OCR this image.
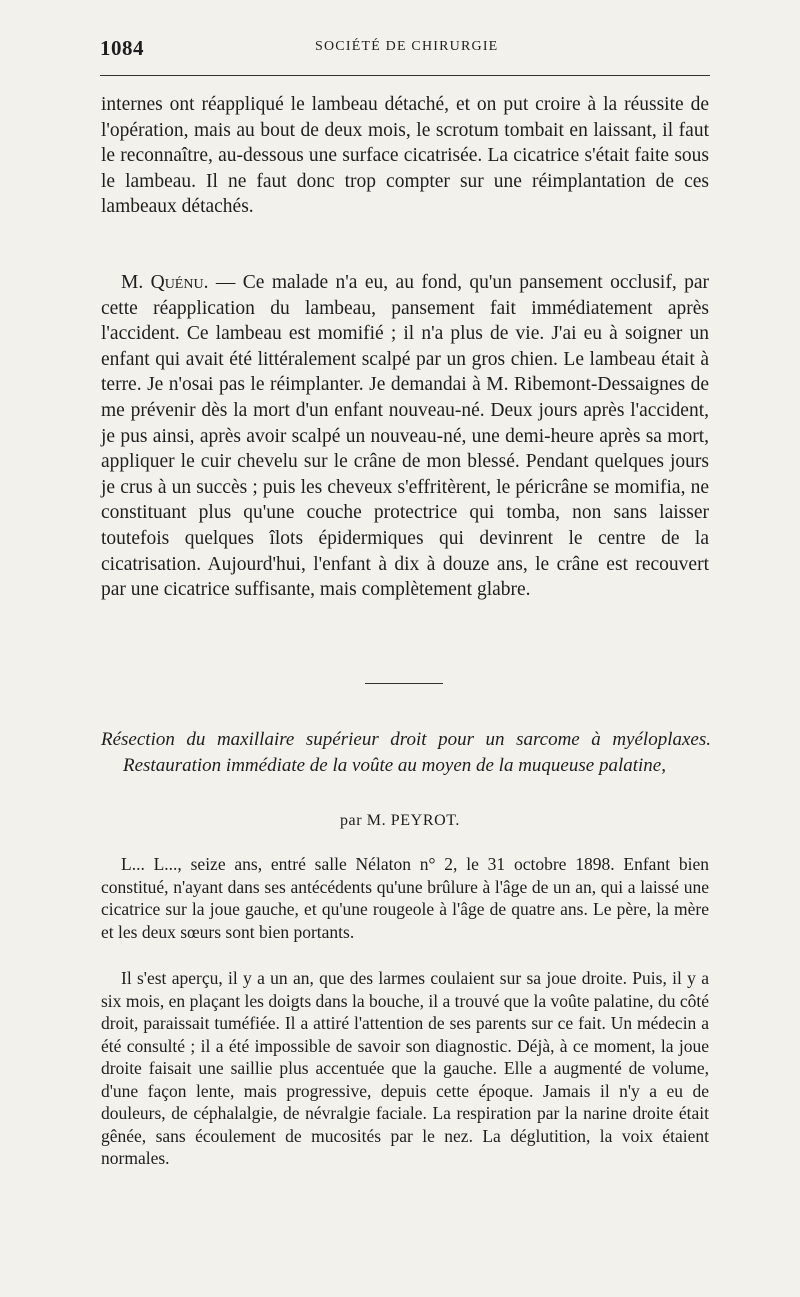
1084	SOCIÉTÉ DE CHIRURGIE

internes ont réappliqué le lambeau détaché, et on put croire à la réussite de l'opération, mais au bout de deux mois, le scrotum tombait en laissant, il faut le reconnaître, au-dessous une surface cicatrisée. La cicatrice s'était faite sous le lambeau. Il ne faut donc trop compter sur une réimplantation de ces lambeaux détachés.

M. Quénu. — Ce malade n'a eu, au fond, qu'un pansement occlusif, par cette réapplication du lambeau, pansement fait immédiatement après l'accident. Ce lambeau est momifié ; il n'a plus de vie. J'ai eu à soigner un enfant qui avait été littéralement scalpé par un gros chien. Le lambeau était à terre. Je n'osai pas le réimplanter. Je demandai à M. Ribemont-Dessaignes de me prévenir dès la mort d'un enfant nouveau-né. Deux jours après l'accident, je pus ainsi, après avoir scalpé un nouveau-né, une demi-heure après sa mort, appliquer le cuir chevelu sur le crâne de mon blessé. Pendant quelques jours je crus à un succès ; puis les cheveux s'effritèrent, le péricrâne se momifia, ne constituant plus qu'une couche protectrice qui tomba, non sans laisser toutefois quelques îlots épidermiques qui devinrent le centre de la cicatrisation. Aujourd'hui, l'enfant à dix à douze ans, le crâne est recouvert par une cicatrice suffisante, mais complètement glabre.

Résection du maxillaire supérieur droit pour un sarcome à myéloplaxes. Restauration immédiate de la voûte au moyen de la muqueuse palatine,
par M. PEYROT.

L... L..., seize ans, entré salle Nélaton n° 2, le 31 octobre 1898. Enfant bien constitué, n'ayant dans ses antécédents qu'une brûlure à l'âge de un an, qui a laissé une cicatrice sur la joue gauche, et qu'une rougeole à l'âge de quatre ans. Le père, la mère et les deux sœurs sont bien portants.

Il s'est aperçu, il y a un an, que des larmes coulaient sur sa joue droite. Puis, il y a six mois, en plaçant les doigts dans la bouche, il a trouvé que la voûte palatine, du côté droit, paraissait tuméfiée. Il a attiré l'attention de ses parents sur ce fait. Un médecin a été consulté ; il a été impossible de savoir son diagnostic. Déjà, à ce moment, la joue droite faisait une saillie plus accentuée que la gauche. Elle a augmenté de volume, d'une façon lente, mais progressive, depuis cette époque. Jamais il n'y a eu de douleurs, de céphalalgie, de névralgie faciale. La respiration par la narine droite était gênée, sans écoulement de mucosités par le nez. La déglutition, la voix étaient normales.
